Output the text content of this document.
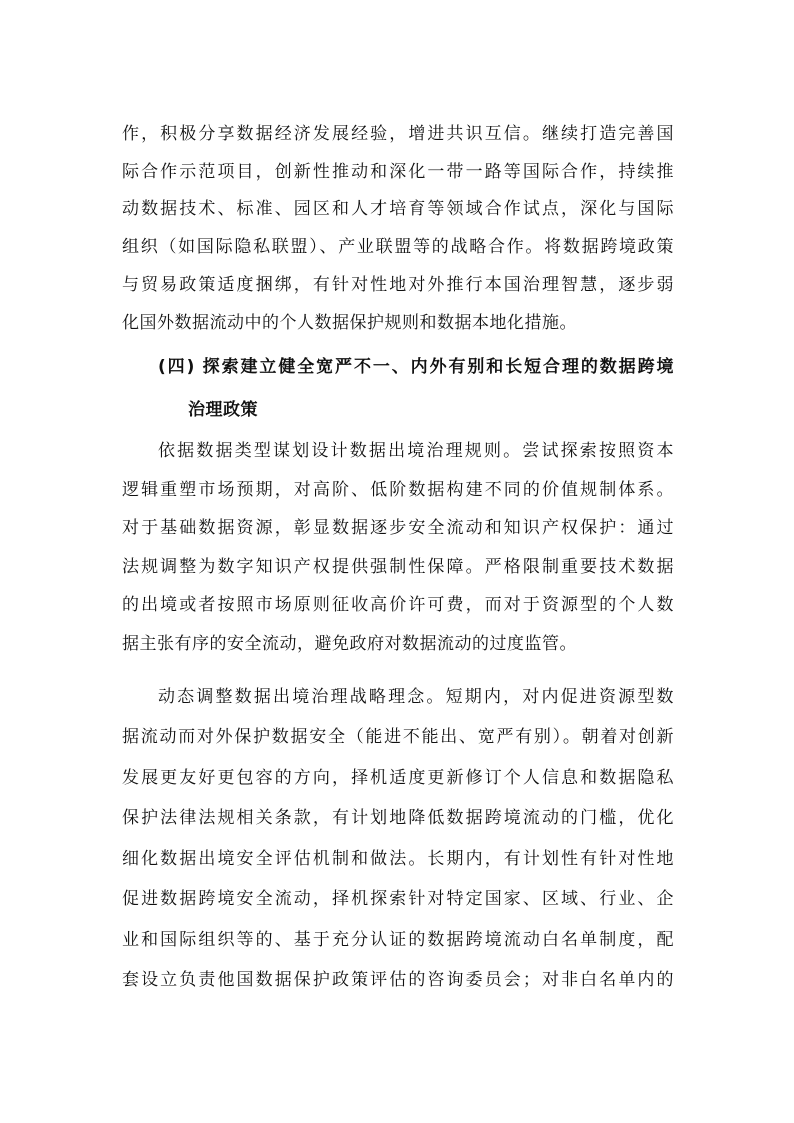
作，积极分享数据经济发展经验，增进共识互信。继续打造完善国
际合作示范项目，创新性推动和深化一带一路等国际合作，持续推
动数据技术、标准、园区和人才培育等领域合作试点，深化与国际
组织（如国际隐私联盟）、产业联盟等的战略合作。将数据跨境政策
与贸易政策适度捆绑，有针对性地对外推行本国治理智慧，逐步弱
化国外数据流动中的个人数据保护规则和数据本地化措施。
(四) 探索建立健全宽严不一、内外有别和长短合理的数据跨境
治理政策
依据数据类型谋划设计数据出境治理规则。尝试探索按照资本
逻辑重塑市场预期，对高阶、低阶数据构建不同的价值规制体系。
对于基础数据资源，彰显数据逐步安全流动和知识产权保护：通过
法规调整为数字知识产权提供强制性保障。严格限制重要技术数据
的出境或者按照市场原则征收高价许可费，而对于资源型的个人数
据主张有序的安全流动，避免政府对数据流动的过度监管。
动态调整数据出境治理战略理念。短期内，对内促进资源型数
据流动而对外保护数据安全（能进不能出、宽严有别）。朝着对创新
发展更友好更包容的方向，择机适度更新修订个人信息和数据隐私
保护法律法规相关条款，有计划地降低数据跨境流动的门槛，优化
细化数据出境安全评估机制和做法。长期内，有计划性有针对性地
促进数据跨境安全流动，择机探索针对特定国家、区域、行业、企
业和国际组织等的、基于充分认证的数据跨境流动白名单制度，配
套设立负责他国数据保护政策评估的咨询委员会；对非白名单内的
